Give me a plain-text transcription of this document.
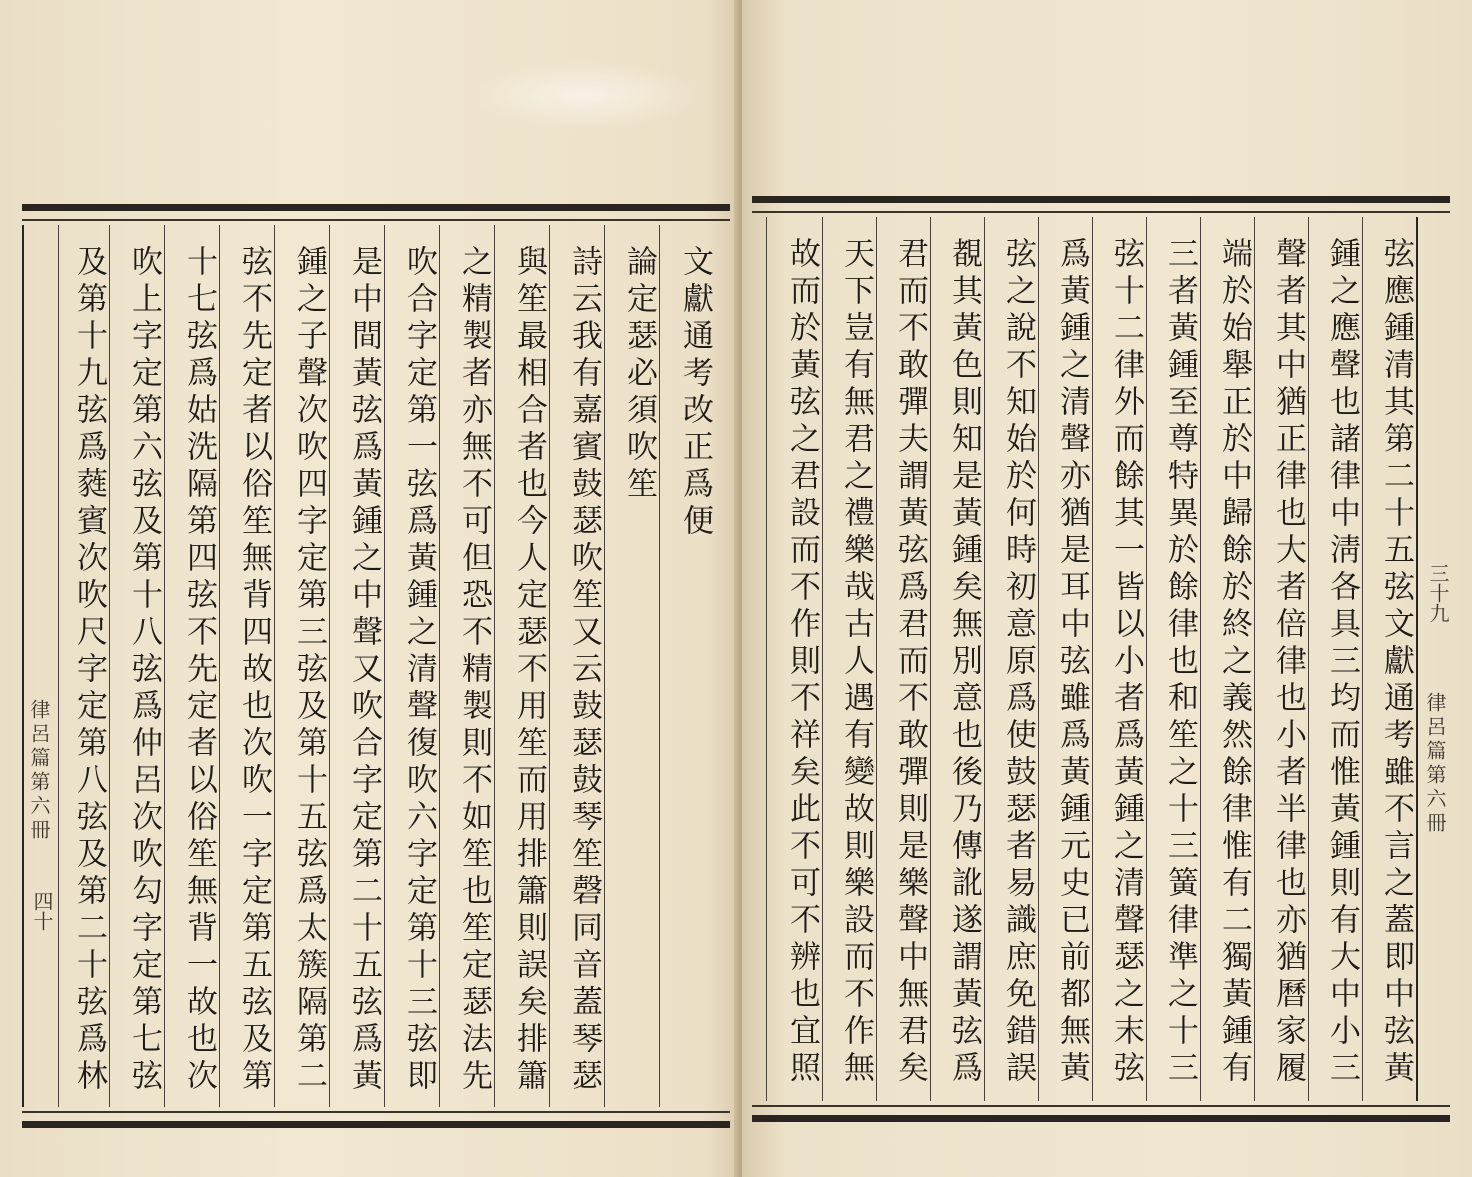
文獻通考改正爲便
論定瑟必須吹笙
詩云我有嘉賓鼓瑟吹笙又云鼓瑟鼓琴笙磬同音蓋琴瑟
與笙最相合者也今人定瑟不用笙而用排簫則誤矣排簫
之精製者亦無不可但恐不精製則不如笙也笙定瑟法先
吹合字定第一弦爲黃鍾之清聲復吹六字定第十三弦即
是中間黃弦爲黃鍾之中聲又吹合字定第二十五弦爲黃
鍾之子聲次吹四字定第三弦及第十五弦爲太簇隔第二
弦不先定者以俗笙無背四故也次吹一字定第五弦及第
十七弦爲姑洗隔第四弦不先定者以俗笙無背一故也次
吹上字定第六弦及第十八弦爲仲呂次吹勾字定第七弦
及第十九弦爲蕤賓次吹尺字定第八弦及第二十弦爲林
律呂篇第六冊
四十
律呂篇第六冊
三十九
弦應鍾清其第二十五弦文獻通考雖不言之蓋即中弦黃
鍾之應聲也諸律中淸各具三均而惟黃鍾則有大中小三
聲者其中猶正律也大者倍律也小者半律也亦猶曆家履
端於始舉正於中歸餘於終之義然餘律惟有二獨黃鍾有
三者黃鍾至尊特異於餘律也和笙之十三簧律準之十三
弦十二律外而餘其一皆以小者爲黃鍾之清聲瑟之末弦
爲黃鍾之清聲亦猶是耳中弦雖爲黃鍾元史已前都無黃
弦之說不知始於何時初意原爲使鼓瑟者易識庶免錯誤
覩其黃色則知是黃鍾矣無別意也後乃傳訛遂謂黃弦爲
君而不敢彈夫謂黃弦爲君而不敢彈則是樂聲中無君矣
天下豈有無君之禮樂哉古人遇有變故則樂設而不作無
故而於黃弦之君設而不作則不祥矣此不可不辨也宜照
